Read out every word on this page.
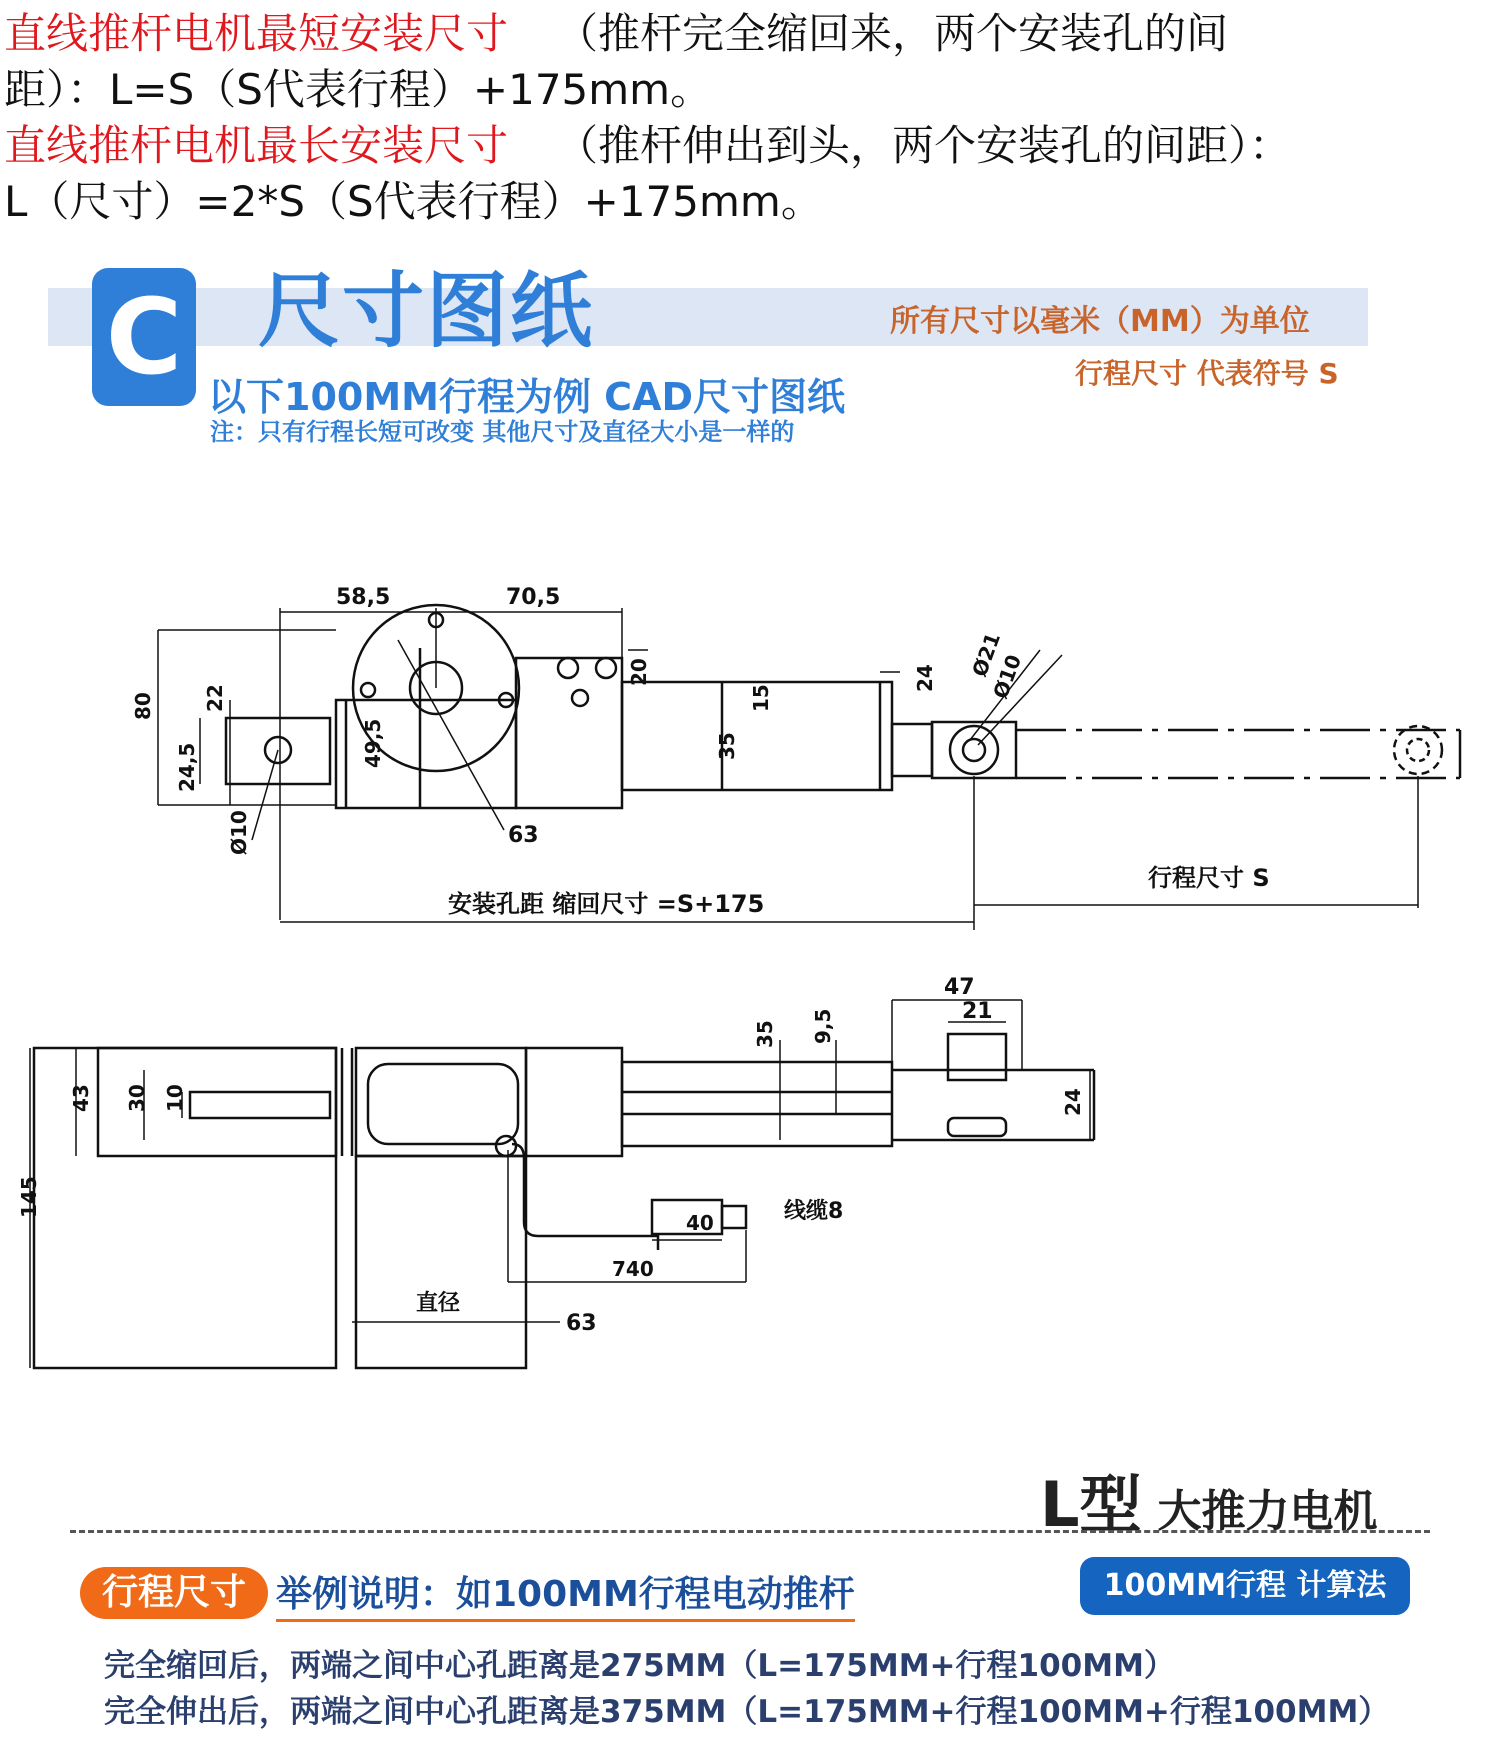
直线推杆电机最短安装尺寸 （推杆完全缩回来，两个安装孔的间

距）：L=S（S代表行程）+175mm。

直线推杆电机最长安装尺寸 （推杆伸出到头，两个安装孔的间距）：

L（尺寸）=2*S（S代表行程）+175mm。

C 尺寸图纸	所有尺寸以毫米（MM）为单位
行程尺寸 代表符号 S
以下100MM行程为例 CAD尺寸图纸
注：只有行程长短可改变 其他尺寸及直径大小是一样的
58,5	70,5
80 22
24,5
Ø10
49,5
63
20
15
35
24 Ø21
Ø10
安装孔距 缩回尺寸 =S+175
行程尺寸 S
47
21
35 9,5
43 30 10	24
145
40
740
线缆8
直径
63
L型 大推力电机
行程尺寸 举例说明：如100MM行程电动推杆	100MM行程 计算法
完全缩回后，两端之间中心孔距离是275MM（L=175MM+行程100MM）
完全伸出后，两端之间中心孔距离是375MM（L=175MM+行程100MM+行程100MM）
